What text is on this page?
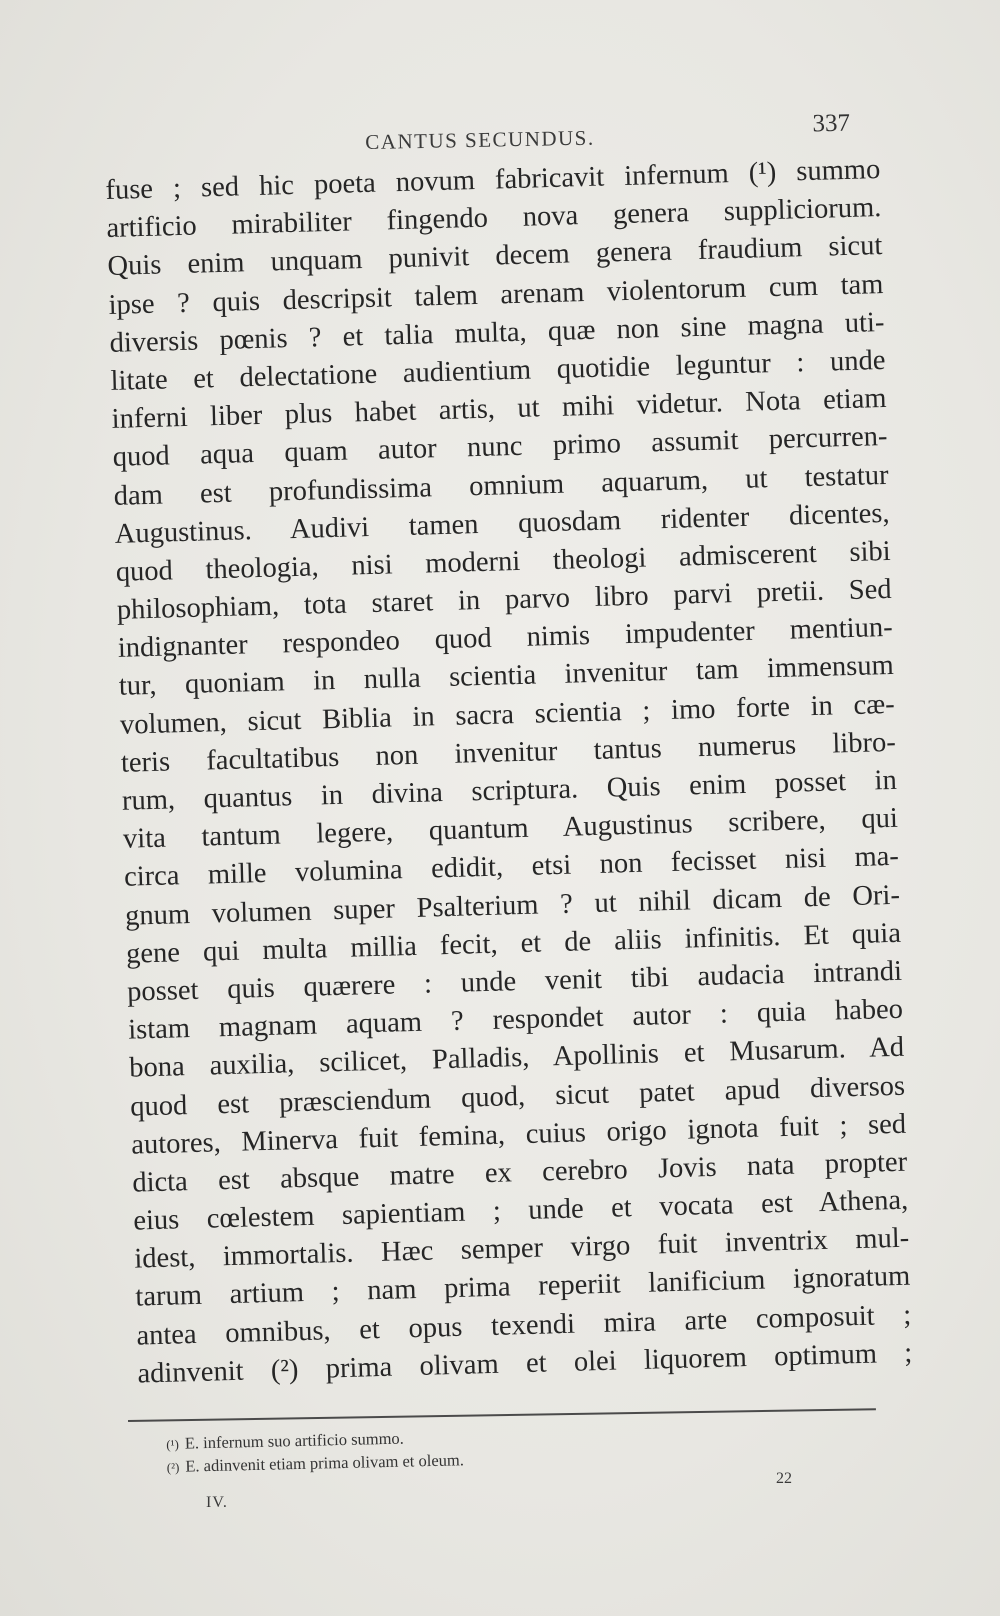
CANTUS SECUNDUS.
337
fuse ; sed hic poeta novum fabricavit infernum (¹) summo
artificio mirabiliter fingendo nova genera suppliciorum.
Quis enim unquam punivit decem genera fraudium sicut
ipse ? quis descripsit talem arenam violentorum cum tam
diversis pœnis ? et talia multa, quæ non sine magna uti-
litate et delectatione audientium quotidie leguntur : unde
inferni liber plus habet artis, ut mihi videtur. Nota etiam
quod aqua quam autor nunc primo assumit percurren-
dam est profundissima omnium aquarum, ut testatur
Augustinus. Audivi tamen quosdam ridenter dicentes,
quod theologia, nisi moderni theologi admiscerent sibi
philosophiam, tota staret in parvo libro parvi pretii. Sed
indignanter respondeo quod nimis impudenter mentiun-
tur, quoniam in nulla scientia invenitur tam immensum
volumen, sicut Biblia in sacra scientia ; imo forte in cæ-
teris facultatibus non invenitur tantus numerus libro-
rum, quantus in divina scriptura. Quis enim posset in
vita tantum legere, quantum Augustinus scribere, qui
circa mille volumina edidit, etsi non fecisset nisi ma-
gnum volumen super Psalterium ? ut nihil dicam de Ori-
gene qui multa millia fecit, et de aliis infinitis. Et quia
posset quis quærere : unde venit tibi audacia intrandi
istam magnam aquam ? respondet autor : quia habeo
bona auxilia, scilicet, Palladis, Apollinis et Musarum. Ad
quod est præsciendum quod, sicut patet apud diversos
autores, Minerva fuit femina, cuius origo ignota fuit ; sed
dicta est absque matre ex cerebro Jovis nata propter
eius cœlestem sapientiam ; unde et vocata est Athena,
idest, immortalis. Hæc semper virgo fuit inventrix mul-
tarum artium ; nam prima reperiit lanificium ignoratum
antea omnibus, et opus texendi mira arte composuit ;
adinvenit (²) prima olivam et olei liquorem optimum ;
(¹) E. infernum suo artificio summo.
(²) E. adinvenit etiam prima olivam et oleum.
IV.
22
